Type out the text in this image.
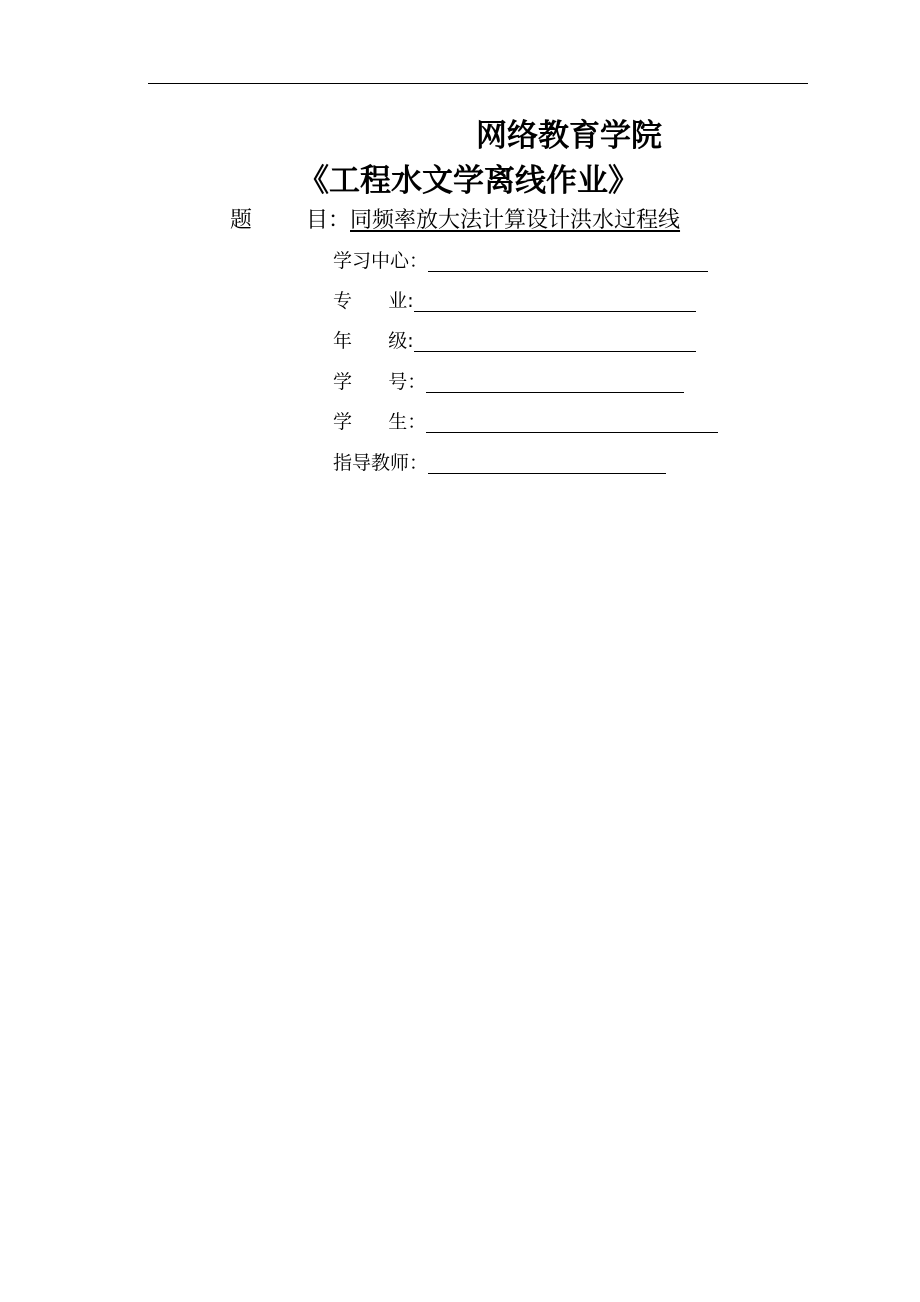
网络教育学院
《工程水文学离线作业》
题 目：同频率放大法计算设计洪水过程线
学习中心：
专      业:
年      级:
学      号：
学      生：
指导教师：
